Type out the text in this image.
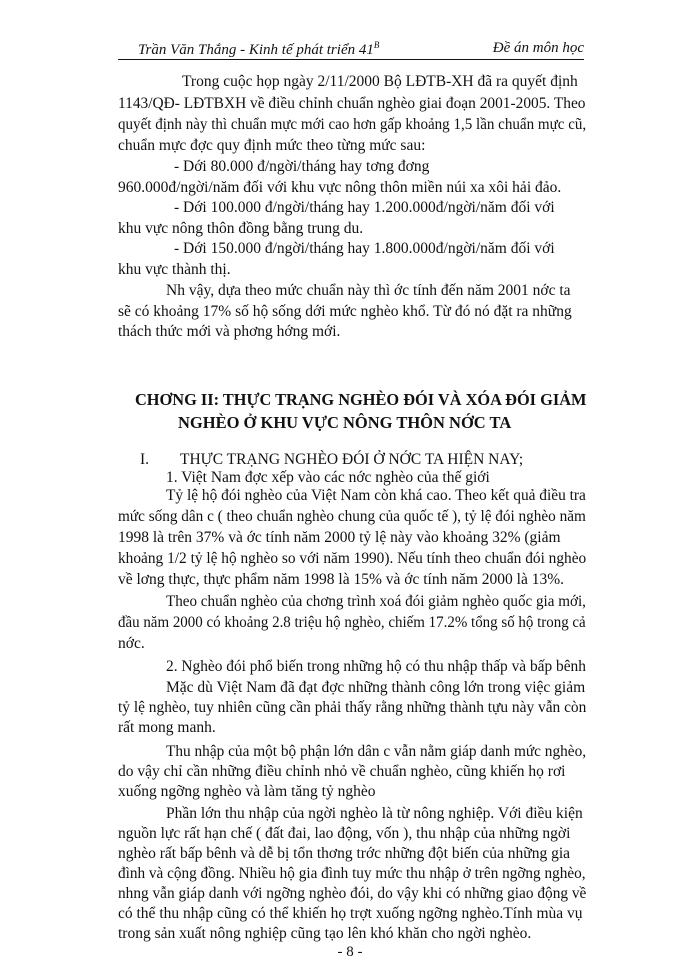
Trần Văn Thắng - Kinh tế phát triển $41^B$	Đề án môn học
Trong cuộc họp ngày 2/11/2000 Bộ LĐTB-XH đã ra quyết định
1143/QĐ- LĐTBXH về điều chỉnh chuẩn nghèo giai đoạn 2001-2005. Theo
quyết định này thì chuẩn mực mới cao hơn gấp khoảng 1,5 lần chuẩn mực cũ,
chuẩn mực đợc quy định mức theo từng mức sau:
- Dới 80.000 đ/ngời/tháng hay tơng đơng
960.000đ/ngời/năm đối với khu vực nông thôn miền núi xa xôi hải đảo.
- Dới 100.000 đ/ngời/tháng hay 1.200.000đ/ngời/năm đối với
khu vực nông thôn đồng bằng trung du.
- Dới 150.000 đ/ngời/tháng hay 1.800.000đ/ngời/năm đối với
khu vực thành thị.
Nh vậy, dựa theo mức chuẩn này thì ớc tính đến năm 2001 nớc ta
sẽ có khoảng 17% số hộ sống dới mức nghèo khổ. Từ đó nó đặt ra những
thách thức mới và phơng hớng mới.
CHƠNG II: THỰC TRẠNG NGHÈO ĐÓI VÀ XÓA ĐÓI GIẢM
NGHÈO Ở KHU VỰC NÔNG THÔN NỚC TA
I. THỰC TRẠNG NGHÈO ĐÓI Ở NỚC TA HIỆN NAY;
1. Việt Nam đợc xếp vào các nớc nghèo của thế giới
Tỷ lệ hộ đói nghèo của Việt Nam còn khá cao. Theo kết quả điều tra
mức sống dân c ( theo chuẩn nghèo chung của quốc tế ), tỷ lệ đói nghèo năm
1998 là trên 37% và ớc tính năm 2000 tỷ lệ này vào khoảng 32% (giảm
khoảng 1/2 tỷ lệ hộ nghèo so với năm 1990). Nếu tính theo chuẩn đói nghèo
về lơng thực, thực phẩm năm 1998 là 15% và ớc tính năm 2000 là 13%.
Theo chuẩn nghèo của chơng trình xoá đói giảm nghèo quốc gia mới,
đầu năm 2000 có khoảng 2.8 triệu hộ nghèo, chiếm 17.2% tổng số hộ trong cả
nớc.
2. Nghèo đói phổ biến trong những hộ có thu nhập thấp và bấp bênh
Mặc dù Việt Nam đã đạt đợc những thành công lớn trong việc giảm
tỷ lệ nghèo, tuy nhiên cũng cần phải thấy rằng những thành tựu này vẫn còn
rất mong manh.
Thu nhập của một bộ phận lớn dân c vẫn nằm giáp danh mức nghèo,
do vậy chỉ cần những điều chỉnh nhỏ về chuẩn nghèo, cũng khiến họ rơi
xuống ngỡng nghèo và làm tăng tỷ nghèo
Phần lớn thu nhập của ngời nghèo là từ nông nghiệp. Với điều kiện
nguồn lực rất hạn chế ( đất đai, lao động, vốn ), thu nhập của những ngời
nghèo rất bấp bênh và dễ bị tổn thơng trớc những đột biến của những gia
đình và cộng đồng. Nhiều hộ gia đình tuy mức thu nhập ở trên ngỡng nghèo,
nhng vẫn giáp danh với ngỡng nghèo đói, do vậy khi có những giao động về
có thể thu nhập cũng có thể khiến họ trợt xuống ngỡng nghèo.Tính mùa vụ
trong sản xuất nông nghiệp cũng tạo lên khó khăn cho ngời nghèo.
- 8 -
